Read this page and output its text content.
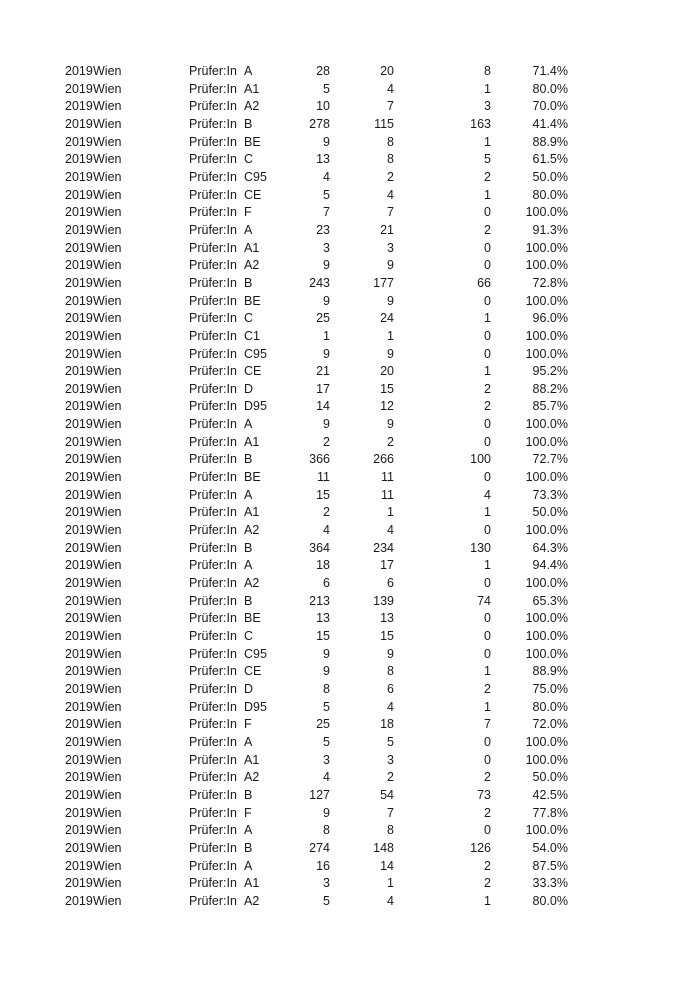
2019 Wien	Prüfer:In A	28	20	8	71.4%
2019 Wien	Prüfer:In A1	5	4	1	80.0%
2019 Wien	Prüfer:In A2	10	7	3	70.0%
2019 Wien	Prüfer:In B	278	115	163	41.4%
2019 Wien	Prüfer:In BE	9	8	1	88.9%
2019 Wien	Prüfer:In C	13	8	5	61.5%
2019 Wien	Prüfer:In C95	4	2	2	50.0%
2019 Wien	Prüfer:In CE	5	4	1	80.0%
2019 Wien	Prüfer:In F	7	7	0	100.0%
2019 Wien	Prüfer:In A	23	21	2	91.3%
2019 Wien	Prüfer:In A1	3	3	0	100.0%
2019 Wien	Prüfer:In A2	9	9	0	100.0%
2019 Wien	Prüfer:In B	243	177	66	72.8%
2019 Wien	Prüfer:In BE	9	9	0	100.0%
2019 Wien	Prüfer:In C	25	24	1	96.0%
2019 Wien	Prüfer:In C1	1	1	0	100.0%
2019 Wien	Prüfer:In C95	9	9	0	100.0%
2019 Wien	Prüfer:In CE	21	20	1	95.2%
2019 Wien	Prüfer:In D	17	15	2	88.2%
2019 Wien	Prüfer:In D95	14	12	2	85.7%
2019 Wien	Prüfer:In A	9	9	0	100.0%
2019 Wien	Prüfer:In A1	2	2	0	100.0%
2019 Wien	Prüfer:In B	366	266	100	72.7%
2019 Wien	Prüfer:In BE	11	11	0	100.0%
2019 Wien	Prüfer:In A	15	11	4	73.3%
2019 Wien	Prüfer:In A1	2	1	1	50.0%
2019 Wien	Prüfer:In A2	4	4	0	100.0%
2019 Wien	Prüfer:In B	364	234	130	64.3%
2019 Wien	Prüfer:In A	18	17	1	94.4%
2019 Wien	Prüfer:In A2	6	6	0	100.0%
2019 Wien	Prüfer:In B	213	139	74	65.3%
2019 Wien	Prüfer:In BE	13	13	0	100.0%
2019 Wien	Prüfer:In C	15	15	0	100.0%
2019 Wien	Prüfer:In C95	9	9	0	100.0%
2019 Wien	Prüfer:In CE	9	8	1	88.9%
2019 Wien	Prüfer:In D	8	6	2	75.0%
2019 Wien	Prüfer:In D95	5	4	1	80.0%
2019 Wien	Prüfer:In F	25	18	7	72.0%
2019 Wien	Prüfer:In A	5	5	0	100.0%
2019 Wien	Prüfer:In A1	3	3	0	100.0%
2019 Wien	Prüfer:In A2	4	2	2	50.0%
2019 Wien	Prüfer:In B	127	54	73	42.5%
2019 Wien	Prüfer:In F	9	7	2	77.8%
2019 Wien	Prüfer:In A	8	8	0	100.0%
2019 Wien	Prüfer:In B	274	148	126	54.0%
2019 Wien	Prüfer:In A	16	14	2	87.5%
2019 Wien	Prüfer:In A1	3	1	2	33.3%
2019 Wien	Prüfer:In A2	5	4	1	80.0%
